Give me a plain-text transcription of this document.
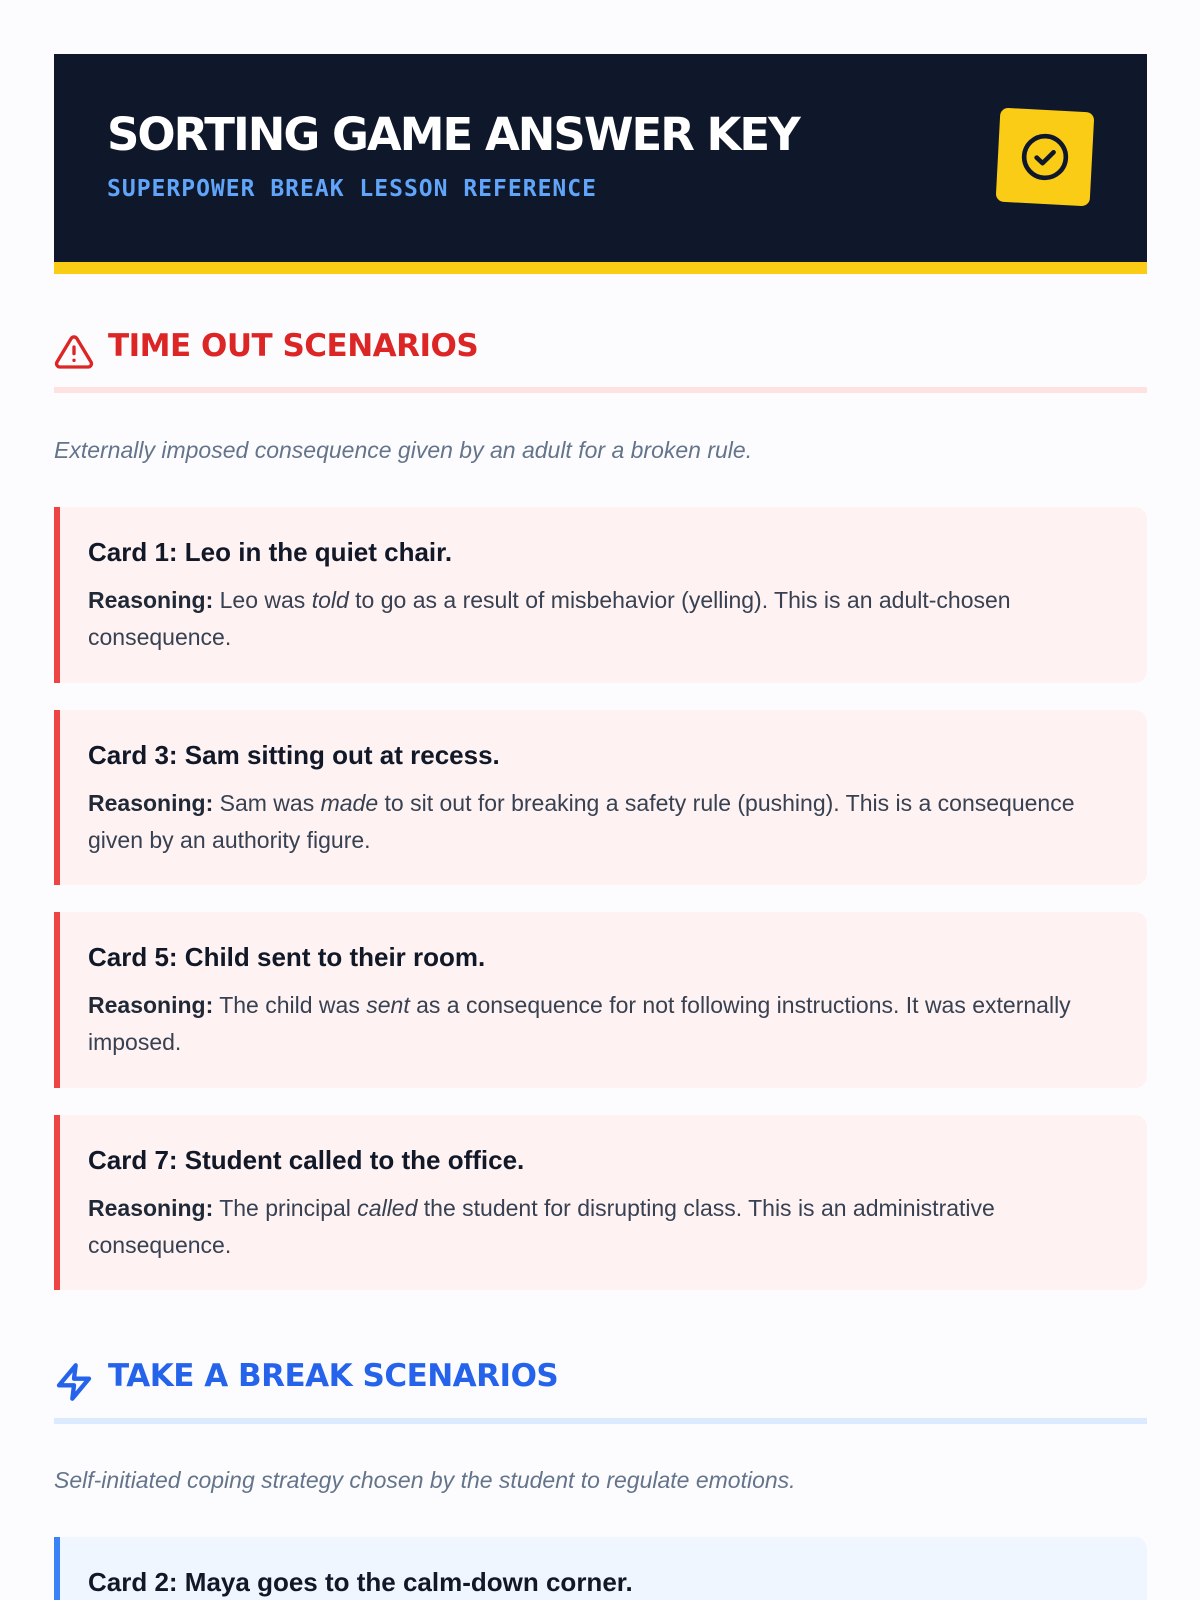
SORTING GAME ANSWER KEY
SUPERPOWER BREAK LESSON REFERENCE
TIME OUT SCENARIOS
Externally imposed consequence given by an adult for a broken rule.
Card 1: Leo in the quiet chair.
Reasoning: Leo was told to go as a result of misbehavior (yelling). This is an adult-chosen consequence.
Card 3: Sam sitting out at recess.
Reasoning: Sam was made to sit out for breaking a safety rule (pushing). This is a consequence given by an authority figure.
Card 5: Child sent to their room.
Reasoning: The child was sent as a consequence for not following instructions. It was externally imposed.
Card 7: Student called to the office.
Reasoning: The principal called the student for disrupting class. This is an administrative consequence.
TAKE A BREAK SCENARIOS
Self-initiated coping strategy chosen by the student to regulate emotions.
Card 2: Maya goes to the calm-down corner.
